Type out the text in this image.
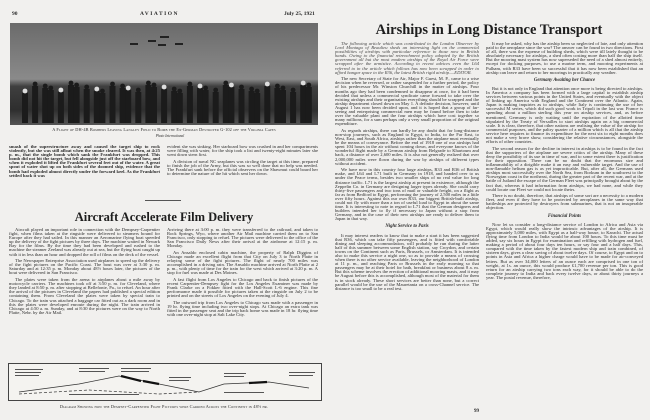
90	AVIATION	July 25, 1921
A Flight of DH-4B Bombers Leaving Langley Field to Bomb the Ex-German Destroyer G-102 off the Virginia Capes
Photo International

smash of the superstructure away and caused the target ship to rock violently, but she was still afloat when the smoke cleared. It was then, at 4:25 p. m., that the single bomb which sank the Frankfurt was dropped. This bomb did not hit the target, but fell alongside just off the starboard bow, and when it exploded it lifted the Frankfurt several feet out of the water. A great spout of water shot up on both sides of the doomed ship, evidence that the bomb had exploded almost directly under the forward keel. As the Frankfurt settled back it was

evident she was sinking. Her starboard bow was crushed in and her compartments were filling with water, for the ship took a list and twenty-eight minutes later she went down stern first.

A division of naval NC seaplanes was circling the target at this time, prepared to finish the job of the Army, but this was so well done that no help was needed. The Frankfurt sank before the official observers on the Shawmut could board her to determine the nature of the hit which sent her down.

Aircraft Accelerate Film Delivery

Aircraft played an important role in connection with the Dempsey-Carpentier fight, when films taken at the ringside were delivered to steamers bound for Europe after they had sailed. In this manner an Aeromarine flying boat speeded up the delivery of the fight pictures by three days. The machine waited in Newark Bay for the films. By the time they had been developed and rushed to the machine the steamer Zeeland was already out at sea, but the flying boat caught up with it in less than an hour and dropped the roll of films on the deck of the vessel.

The Newspaper Enterprise Association used airplanes to speed up the delivery of the fight pictures on the Pacific Coast. The bout was over at 3:30 p. m. Saturday and at 12:35 p. m. Monday about 48½ hours later, the pictures of the bout were delivered in San Francisco.

The plates were taken from the arena to airplanes about a mile away by motorcycle carriers. The machines took off at 3:50 p. m. for Cleveland, where they landed at 8:50 p. m. after stopping at Bellefonte, Pa., to refuel. An hour after the arrival of the pictures in Cleveland the papers had published a special edition containing them. From Cleveland the plates were taken by special train to Chicago. To the train was attached a baggage car fitted out as a dark room and in this the plates were developed enroute during the night. The train arrived in Chicago at 4:50 a. m. Sunday, and at 8:30 the pictures were on the way to North Platte, Nebr. by the Air Mail.

Arriving there at 3:00 p. m. they were transferred to the railroad, and taken to Rock Springs, Wyo, where another Air Mail machine carried them on to San Francisco, only stopping to refuel. The pictures were delivered to the office of the San Francisco Daily News after their arrival at the airdrome at 12:15 p. m. Monday.

An Ansaldo enclosed cabin machine, the property of Ralph Diggins of Chicago made an excellent flight from that City on July 3 to North Platte in relaying some of the fight pictures. The flight of nearly 700 miles was accomplished in a driving rain. The Ansaldo machine arrived at North Platte at 2 p. m., with plenty of time for the train for the west which arrived at 3:20 p. m. A stop for fuel was made at Des Moines.

A fast flight from Los Angeles to Chicago and back to finish pictures of the recent Carpentier-Dempsey fight for the Los Angeles Examiner was made by Frank Clarke on a Fokker fitted with the Hall-Scott L-6 engine. This fine performance made it possible for pictures taken at the ringside on July 2 to be printed and on the streets of Los Angeles on the evening of July 4.

The outward trip from Los Angeles to Chicago was made with a passenger in 19 hr. flying time including two over-night stops. At Chicago an extra tank was fitted in the passenger seat and the trip back home was made in 18 hr. flying time with one over-night stop at Salt Lake City.

Diagram Showing how the Dempsey-Carpentier Fight Pictures were Carried Across the Continent in 48½ hr.
Airships in Long Distance Transport

The following article which was contributed to the London Observer by Lord Montagu of Beaulieu sheds an interesting light on the commercial possibilities of airships with particular reference to those now in British hands. Owing to the financial retrenchment policy adopted by the British government all but the most modern airships of the Royal Air Force were scrapped after the armistice. According to recent advices even the L64 referred to in the article which follows has now been scrapped in order to afford hangar space to the R36, the latest British rigid airship.—EDITOR.

The new Secretary of State for Air, Major F. Guest, M. P., came to a wise decision when he reversed, or rather suspended for a further period, the policy of his predecessor Mr. Winston Churchill in the matter of airships. Four months ago they had been condemned to disappear at once, for it had been decided that unless a commercial syndicate came forward to take over the existing airships and their organisation everything should be scrapped and the airship department closed down on May 1. A definite decision, however, until August 1 has now been decided upon, and it is hoped that a group of far-seeing and enterprising commercial men may be found before then to take over the valuable plant and the four airships which have cost together so many millions, for a sum perhaps only a very small proportion of the original expenditure.

As regards airships, there can hardly be any doubt that for long-distance non-stop journeys, such as England to Egypt, to India, to the Far East, to West, East, and South Africa, airships rather than the airplane must eventually be the means of conveyance. Before the end of 1918 one of our airships had spent 104 hours in the air without coming down, and everyone knows of the wonderful flight made by a German airship from Belgrade to Khartoum and back, a distance of over 2,600 miles. It is also not generally realized that over 2,000,000 miles were flown during the war by airships of different types without accident.

We have now in this country four large airships, R33 and R36 of British make, and L64 and L71 built in Germany in 1918, and handed over to us under the Peace terms, besides two smaller ships of no real value for long distance traffic. L71 is the largest airship at present in existence, although the Zeppelin Co. in Germany are designing larger types already. She could carry thirty-five passengers and two tons of mail or valuable freight, on a flight as far as from Bedford to Egypt, performing the journey of 2,500 miles in a little over fifty hours. Against this our own R33, our biggest British-built airship, could not fly with more than a ton of useful load to Egypt in about the same time. It is interesting to note in regard to L71 that the German designers and builders intended her to fly if necessary to Japan without a stop from Germany, and in the case of their new airships are ready to deliver them to Japan in that way.

Night Service to Paris

It may interest readers to know that to make a start it has been suggested that R36, which can take fifty passengers, and is fitted with comfortable dining and sleeping accommodation, will probably be run during the latter half of this summer between some English station, say Croydon, and certain towns on the Continent such as Paris, Brussels, or Amsterdam. It is intended also to make this service a night one, so as to provide a means of crossing when there is no other service available, leaving the neighborhood of London at 11 p. m., and reaching Paris or Brussels in the early morning so that passengers may be at their hotel for bath, breakfast or business about 8 a. m. But this scheme involves the erection of additional mooring masts, and it may be August before this is accomplished, although most of the material for them is in stock already. These short services are better than none, but a correct parallel would be the use of the Mauretania on a cross-Channel service. The distance is too small to be a real test.

It may be asked, why has the airship been so neglected of late, and only attention paid to the aeroplane since the war? The answer can be found in two directions. First of all, there was the expense of building sheds, which were till lately thought to be absolutely necessary for airships, a shed often costing more than half the ship itself. But the mooring mast system has now superseded the need of a shed almost entirely, except for docking purposes, to use a marine term, and mooring experiments at Pulham, with R33 have been so successful that it has now been established that an airship can leave and return to her moorings in practically any weather.

Germany Awaiting her Chance

But it is not only in England that attention once more is being directed to airships. In America a company has been formed with a large capital to establish airship services between various points in the United States, and eventually with the object of linking up America with England and the Continent over the Atlantic. Again, Japan is making inquiries as to airships, while Italy is continuing the use of her successful M series, which did such good work in Tripoli in the last war. France is spending about a million sterling this year on airship services, and, as before mentioned, Germany is only waiting until the expiration of the allotted time stipulated by the Treaty of Versailles to start airships again on a big commercial scale. It is clear, therefore, that other nations are realising the value of the airship for commercial purposes, and the paltry quarter of a million which is all that the airship service here requires to finance its expenditure for the next six to eight months does not make a very brave show, considering the relative circumstances, alongside the efforts of other countries.

The second reason for the decline in interest in airships is to be found in the fact that the supporters of the airplane are severe critics of the airship. Many of these deny the possibility of its use in time of war, and to some extent there is justification for their opposition. There can be no doubt that the enormous size and inflammability of a dirigible make it an easy and vulnerable target. And the use of non-flamable helium gas is as yet impracticable. But, after all, the Germans used airships most successfully over the North Sea, from Borkum in the southwest to the Norwegian coast in the northeast, during the greater part of the recent war, and at the battle of Jutland the escape of the German Fleet was principally brought about by the fact that, whereas it had information from airships, we had none, and while they could locate our Fleet we could not locate theirs.

There is no doubt, therefore, that airships of some sort are a necessity to a modern fleet, and even if they have to be protected by aeroplanes in the same way that battleships are protected by destroyers from submarines, that is not an insuperable objection.

Financial Points

Now let us consider a long-distance service of London to Africa and Asia via Egypt, which would really show the intrinsic advantages of the airship. It is approximately 5,000 miles, with Egypt as a half-way house, to Karachi. The actual flying time from London to India would be about 100 hours. To this time must be added, say six hours in Egypt for examination and refilling with hydrogen and fuel, making a period of about four days ten hours, or say four and a half days. This, compared with the time taken by the fastest modern ship and train combined, of sixteen days, gives a clear saving of about twelve days. Of course, to Egypt and on to points in Asia and Africa a higher charge would have to be made for air-conveyed letters. But as over 34,000 letters of an ounce each are comprised in one ton of weight, at 1s. an ounce, this would produce £1,700 revenue per ton. This is good return for an airship carrying two tons each way, for it should be able to do the complete journey to India and back every twelve days, or about thirty journeys a year. The postal revenue, therefore,

99
